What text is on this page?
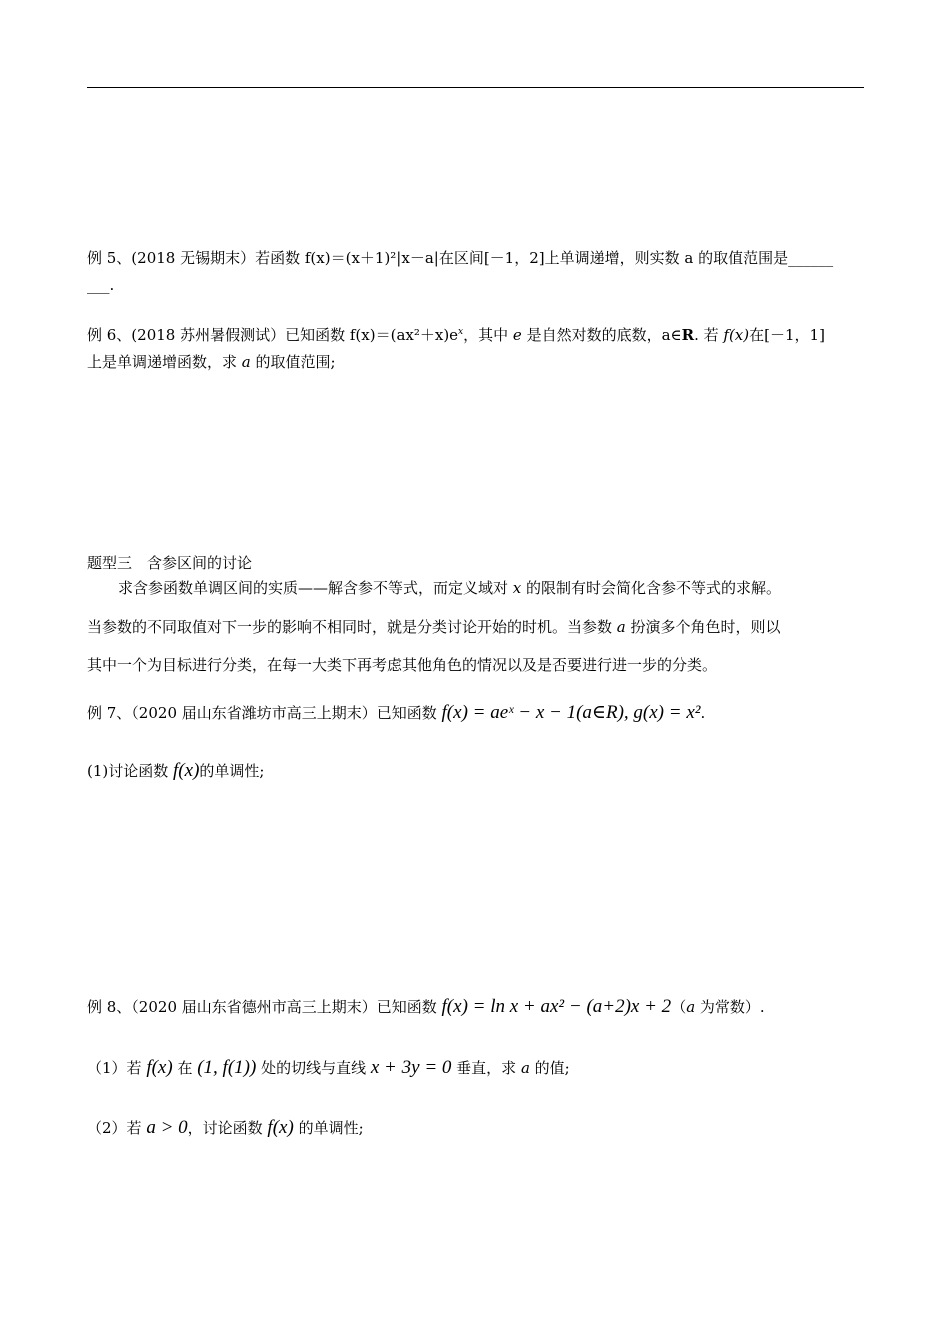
例 5、(2018 无锡期末）若函数 f(x)＝(x＋1)²|x－a|在区间[－1，2]上单调递增，则实数 a 的取值范围是______
___.
例 6、(2018 苏州暑假测试）已知函数 $f(x)=(ax^2+x)e^x$，其中 e 是自然对数的底数，a∈R. 若 f(x)在[－1，1]
上是单调递增函数，求 a 的取值范围;
题型三　含参区间的讨论
求含参函数单调区间的实质——解含参不等式，而定义域对 x 的限制有时会简化含参不等式的求解。
当参数的不同取值对下一步的影响不相同时，就是分类讨论开始的时机。当参数 a 扮演多个角色时，则以
其中一个为目标进行分类，在每一大类下再考虑其他角色的情况以及是否要进行进一步的分类。
例 7、（2020 届山东省潍坊市高三上期末）已知函数 f(x) = aeˣ − x − 1(a∈R), g(x) = x².
(1)讨论函数 f(x)的单调性;
例 8、（2020 届山东省德州市高三上期末）已知函数 f(x) = ln x + ax² − (a+2)x + 2（a 为常数）.
（1）若 f(x) 在 (1, f(1)) 处的切线与直线 x + 3y = 0 垂直，求 a 的值;
（2）若 a > 0，讨论函数 f(x) 的单调性;
